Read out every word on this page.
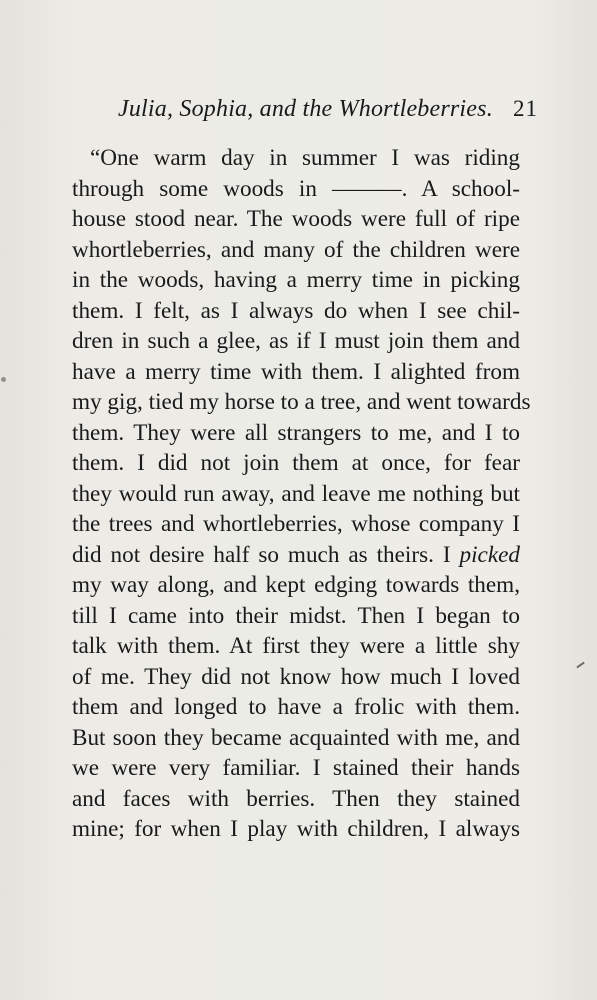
Julia, Sophia, and the Whortleberries. 21
“One warm day in summer I was riding
through some woods in ———. A school-
house stood near. The woods were full of ripe
whortleberries, and many of the children were
in the woods, having a merry time in picking
them. I felt, as I always do when I see chil-
dren in such a glee, as if I must join them and
have a merry time with them. I alighted from
my gig, tied my horse to a tree, and went towards
them. They were all strangers to me, and I to
them. I did not join them at once, for fear
they would run away, and leave me nothing but
the trees and whortleberries, whose company I
did not desire half so much as theirs. I picked
my way along, and kept edging towards them,
till I came into their midst. Then I began to
talk with them. At first they were a little shy
of me. They did not know how much I loved
them and longed to have a frolic with them.
But soon they became acquainted with me, and
we were very familiar. I stained their hands
and faces with berries. Then they stained
mine; for when I play with children, I always
